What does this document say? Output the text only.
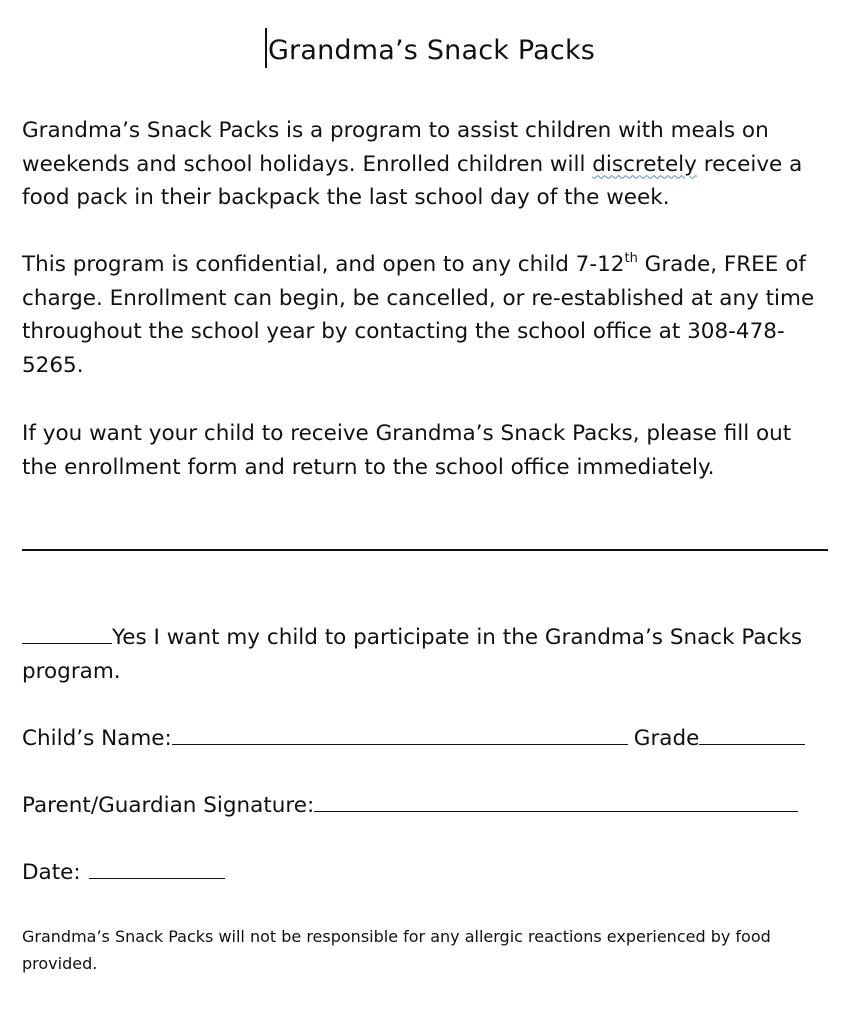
Grandma’s Snack Packs

Grandma’s Snack Packs is a program to assist children with meals on weekends and school holidays. Enrolled children will discretely receive a food pack in their backpack the last school day of the week.

This program is confidential, and open to any child 7-12th Grade, FREE of charge. Enrollment can begin, be cancelled, or re-established at any time throughout the school year by contacting the school office at 308-478-5265.

If you want your child to receive Grandma’s Snack Packs, please fill out the enrollment form and return to the school office immediately.

Yes I want my child to participate in the Grandma’s Snack Packs program.
Child’s Name:	Grade
Parent/Guardian Signature:
Date:

Grandma’s Snack Packs will not be responsible for any allergic reactions experienced by food provided.
